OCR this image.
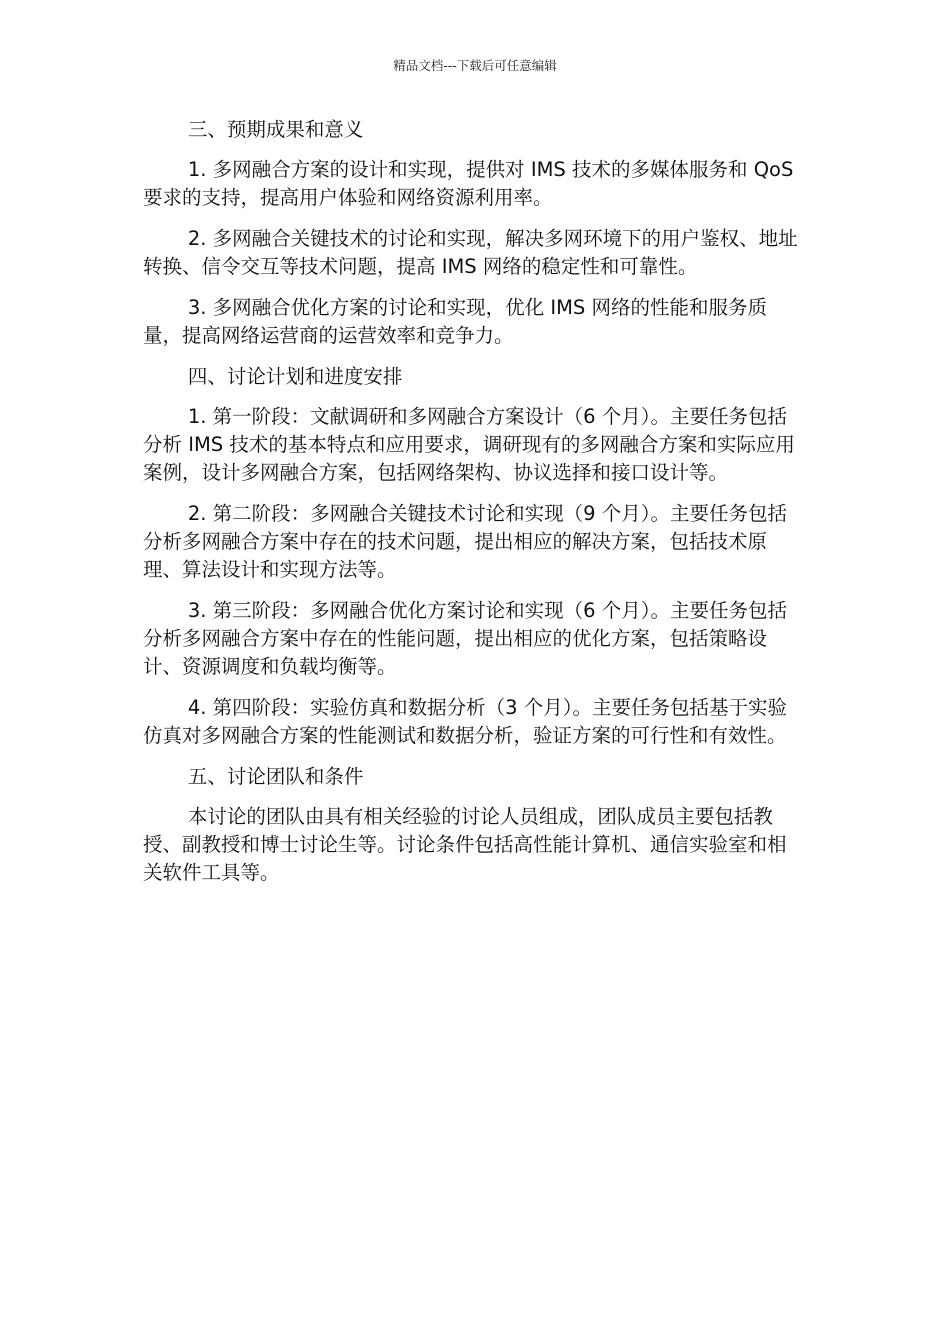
精品文档---下载后可任意编辑

三、预期成果和意义

1. 多网融合方案的设计和实现，提供对 IMS 技术的多媒体服务和 QoS 要求的支持，提高用户体验和网络资源利用率。

2. 多网融合关键技术的讨论和实现，解决多网环境下的用户鉴权、地址转换、信令交互等技术问题，提高 IMS 网络的稳定性和可靠性。

3. 多网融合优化方案的讨论和实现，优化 IMS 网络的性能和服务质量，提高网络运营商的运营效率和竞争力。

四、讨论计划和进度安排

1. 第一阶段：文献调研和多网融合方案设计（6 个月）。主要任务包括分析 IMS 技术的基本特点和应用要求，调研现有的多网融合方案和实际应用案例，设计多网融合方案，包括网络架构、协议选择和接口设计等。

2. 第二阶段：多网融合关键技术讨论和实现（9 个月）。主要任务包括分析多网融合方案中存在的技术问题，提出相应的解决方案，包括技术原理、算法设计和实现方法等。

3. 第三阶段：多网融合优化方案讨论和实现（6 个月）。主要任务包括分析多网融合方案中存在的性能问题，提出相应的优化方案，包括策略设计、资源调度和负载均衡等。

4. 第四阶段：实验仿真和数据分析（3 个月）。主要任务包括基于实验仿真对多网融合方案的性能测试和数据分析，验证方案的可行性和有效性。

五、讨论团队和条件

本讨论的团队由具有相关经验的讨论人员组成，团队成员主要包括教授、副教授和博士讨论生等。讨论条件包括高性能计算机、通信实验室和相关软件工具等。
